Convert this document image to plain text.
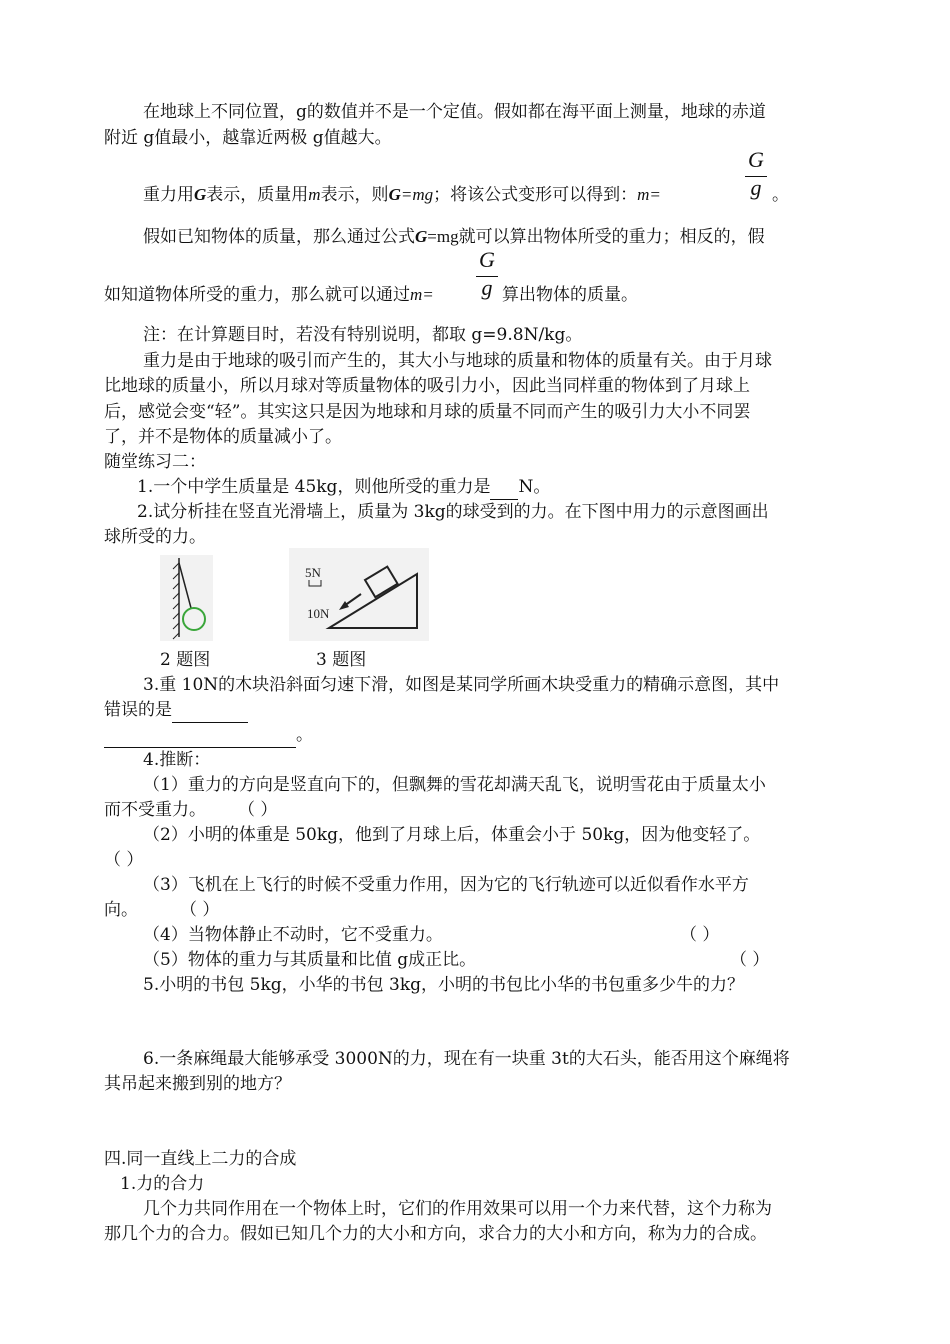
在地球上不同位置，g的数值并不是一个定值。假如都在海平面上测量，地球的赤道
附近 g值最小，越靠近两极 g值越大。
重力用G表示，质量用m表示，则G=mg；将该公式变形可以得到：m=
G
g 。
假如已知物体的质量，那么通过公式G=mg就可以算出物体所受的重力；相反的，假
如知道物体所受的重力，那么就可以通过m=
G
g 算出物体的质量。
注：在计算题目时，若没有特别说明，都取 g=9.8N/kg。
重力是由于地球的吸引而产生的，其大小与地球的质量和物体的质量有关。由于月球
比地球的质量小，所以月球对等质量物体的吸引力小，因此当同样重的物体到了月球上
后，感觉会变“轻”。其实这只是因为地球和月球的质量不同而产生的吸引力大小不同罢
了，并不是物体的质量减小了。
随堂练习二：
1.一个中学生质量是 45kg，则他所受的重力是 N。
2.试分析挂在竖直光滑墙上，质量为 3kg的球受到的力。在下图中用力的示意图画出
球所受的力。
5N
10N
2 题图	3 题图
3.重 10N的木块沿斜面匀速下滑，如图是某同学所画木块受重力的精确示意图，其中
错误的是
。
4.推断：
（1）重力的方向是竖直向下的，但飘舞的雪花却满天乱飞，说明雪花由于质量太小
而不受重力。 （ ）
（2）小明的体重是 50kg，他到了月球上后，体重会小于 50kg，因为他变轻了。
（ ）
（3）飞机在上飞行的时候不受重力作用，因为它的飞行轨迹可以近似看作水平方
向。 （ ）
（4）当物体静止不动时，它不受重力。	（ ）
（5）物体的重力与其质量和比值 g成正比。	（ ）
5.小明的书包 5kg，小华的书包 3kg，小明的书包比小华的书包重多少牛的力？
6.一条麻绳最大能够承受 3000N的力，现在有一块重 3t的大石头，能否用这个麻绳将
其吊起来搬到别的地方？
四.同一直线上二力的合成
1.力的合力
几个力共同作用在一个物体上时，它们的作用效果可以用一个力来代替，这个力称为
那几个力的合力。假如已知几个力的大小和方向，求合力的大小和方向，称为力的合成。
